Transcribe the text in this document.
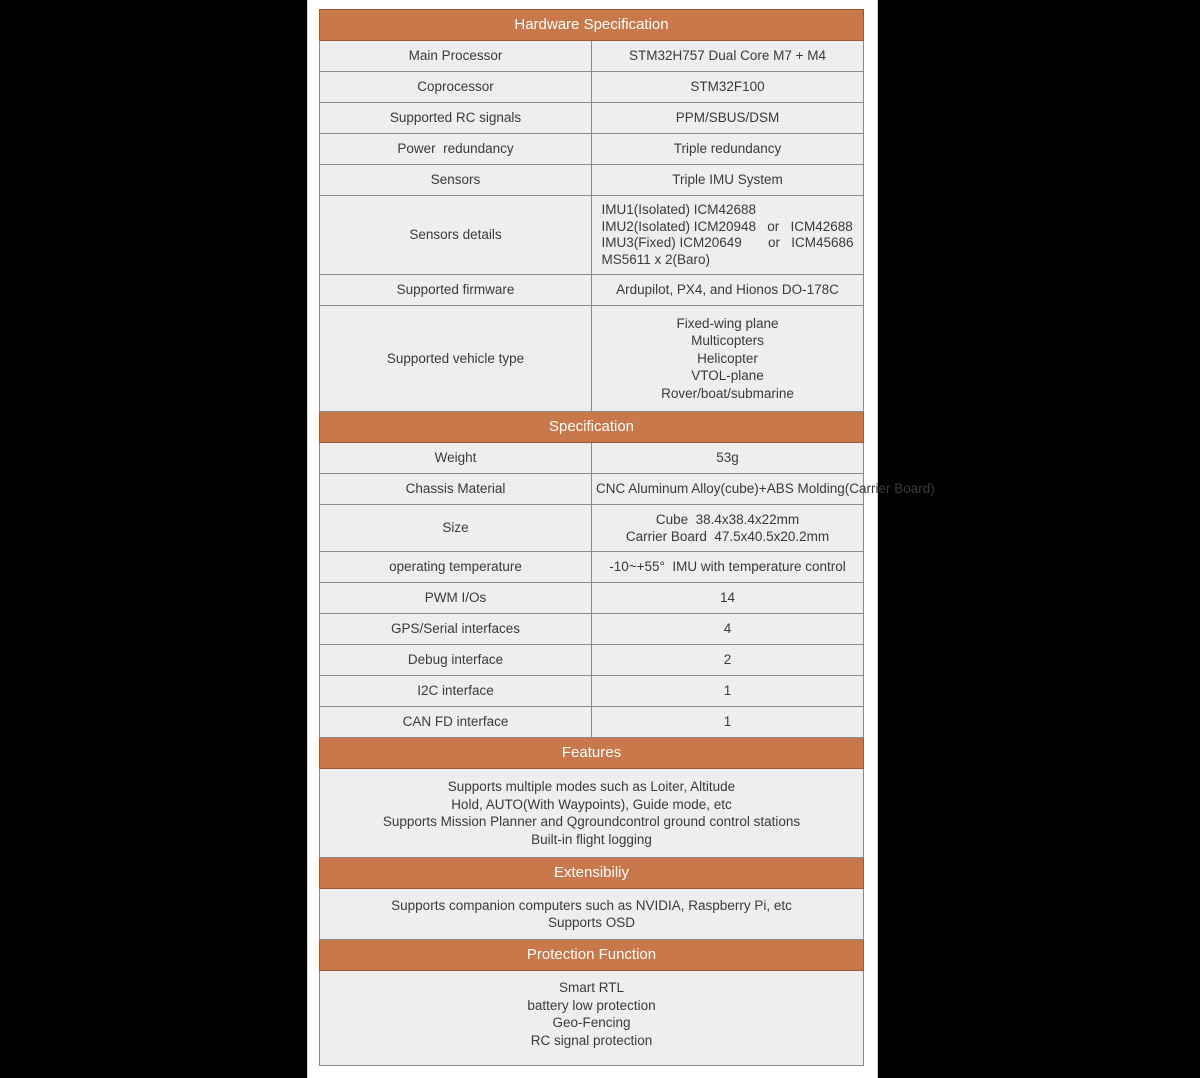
Hardware Specification	
Main Processor	STM32H757 Dual Core M7 + M4
Coprocessor	STM32F100
Supported RC signals	PPM/SBUS/DSM
Power  redundancy	Triple redundancy
Sensors	Triple IMU System
Sensors details	IMU1(Isolated) ICM42688
IMU2(Isolated) ICM20948   or   ICM42688
IMU3(Fixed) ICM20649       or   ICM45686
MS5611 x 2(Baro)

Supported firmware	Ardupilot, PX4, and Hionos DO-178C
Supported vehicle type	Fixed-wing plane
Multicopters
Helicopter
VTOL-plane
Rover/boat/submarine

Specification	
Weight	53g
Chassis Material	CNC Aluminum Alloy(cube)+ABS Molding(Carrier Board)
Size	Cube  38.4x38.4x22mm
Carrier Board  47.5x40.5x20.2mm

operating temperature	-10~+55°  IMU with temperature control
PWM I/Os	14
GPS/Serial interfaces	4
Debug interface	2
I2C interface	1
CAN FD interface	1
Features	

Supports multiple modes such as Loiter, Altitude
Hold, AUTO(With Waypoints), Guide mode, etc
Supports Mission Planner and Qgroundcontrol ground control stations
Built-in flight logging	

Extensibiliy	

Supports companion computers such as NVIDIA, Raspberry Pi, etc
Supports OSD	

Protection Function	

Smart RTL
battery low protection
Geo-Fencing
RC signal protection	
